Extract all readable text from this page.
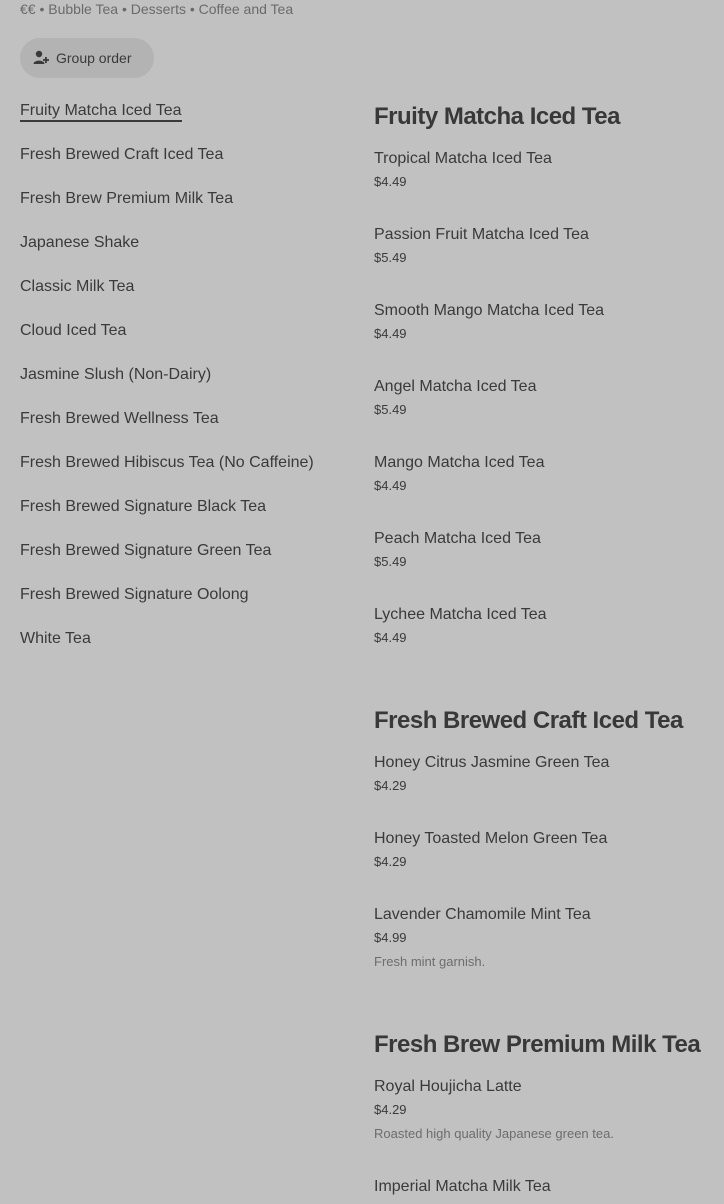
€€ • Bubble Tea • Desserts • Coffee and Tea
Group order
Fruity Matcha Iced Tea
Fresh Brewed Craft Iced Tea
Fresh Brew Premium Milk Tea
Japanese Shake
Classic Milk Tea
Cloud Iced Tea
Jasmine Slush (Non-Dairy)
Fresh Brewed Wellness Tea
Fresh Brewed Hibiscus Tea (No Caffeine)
Fresh Brewed Signature Black Tea
Fresh Brewed Signature Green Tea
Fresh Brewed Signature Oolong
White Tea
Fruity Matcha Iced Tea
Tropical Matcha Iced Tea
$4.49
Passion Fruit Matcha Iced Tea
$5.49
Smooth Mango Matcha Iced Tea
$4.49
Angel Matcha Iced Tea
$5.49
Mango Matcha Iced Tea
$4.49
Peach Matcha Iced Tea
$5.49
Lychee Matcha Iced Tea
$4.49
Fresh Brewed Craft Iced Tea
Honey Citrus Jasmine Green Tea
$4.29
Honey Toasted Melon Green Tea
$4.29
Lavender Chamomile Mint Tea
$4.99
Fresh mint garnish.
Fresh Brew Premium Milk Tea
Royal Houjicha Latte
$4.29
Roasted high quality Japanese green tea.
Imperial Matcha Milk Tea
